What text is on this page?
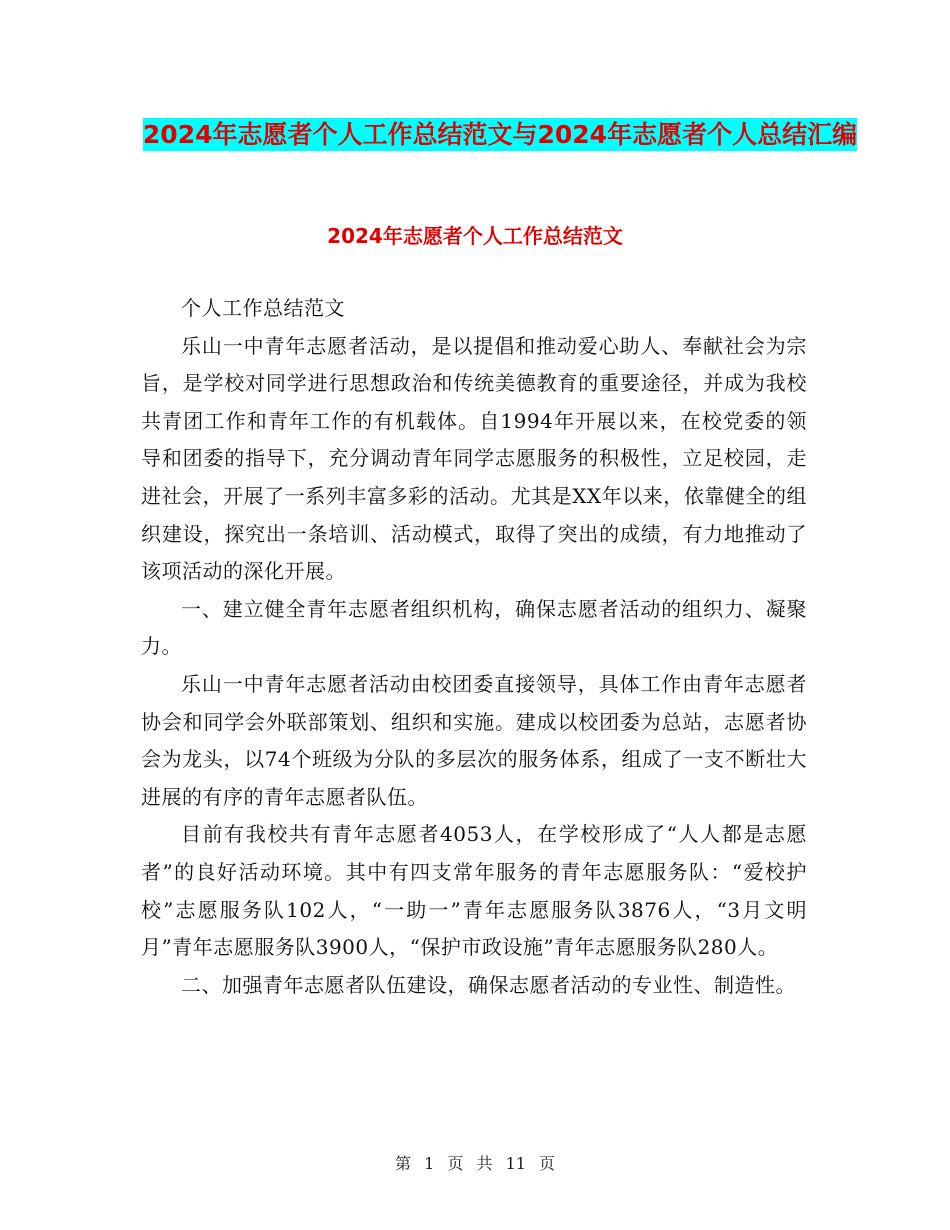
2024年志愿者个人工作总结范文与2024年志愿者个人总结汇编
2024年志愿者个人工作总结范文

个人工作总结范文

乐山一中青年志愿者活动，是以提倡和推动爱心助人、奉献社会为宗旨，是学校对同学进行思想政治和传统美德教育的重要途径，并成为我校共青团工作和青年工作的有机载体。自1994年开展以来，在校党委的领导和团委的指导下，充分调动青年同学志愿服务的积极性，立足校园，走进社会，开展了一系列丰富多彩的活动。尤其是XX年以来，依靠健全的组织建设，探究出一条培训、活动模式，取得了突出的成绩，有力地推动了该项活动的深化开展。

一、建立健全青年志愿者组织机构，确保志愿者活动的组织力、凝聚力。

乐山一中青年志愿者活动由校团委直接领导，具体工作由青年志愿者协会和同学会外联部策划、组织和实施。建成以校团委为总站，志愿者协会为龙头，以74个班级为分队的多层次的服务体系，组成了一支不断壮大进展的有序的青年志愿者队伍。

目前有我校共有青年志愿者4053人，在学校形成了“人人都是志愿者”的良好活动环境。其中有四支常年服务的青年志愿服务队：“爱校护校”志愿服务队102人，“一助一”青年志愿服务队3876人，“3月文明月”青年志愿服务队3900人，“保护市政设施”青年志愿服务队280人。

二、加强青年志愿者队伍建设，确保志愿者活动的专业性、制造性。

第 1 页 共 11 页
